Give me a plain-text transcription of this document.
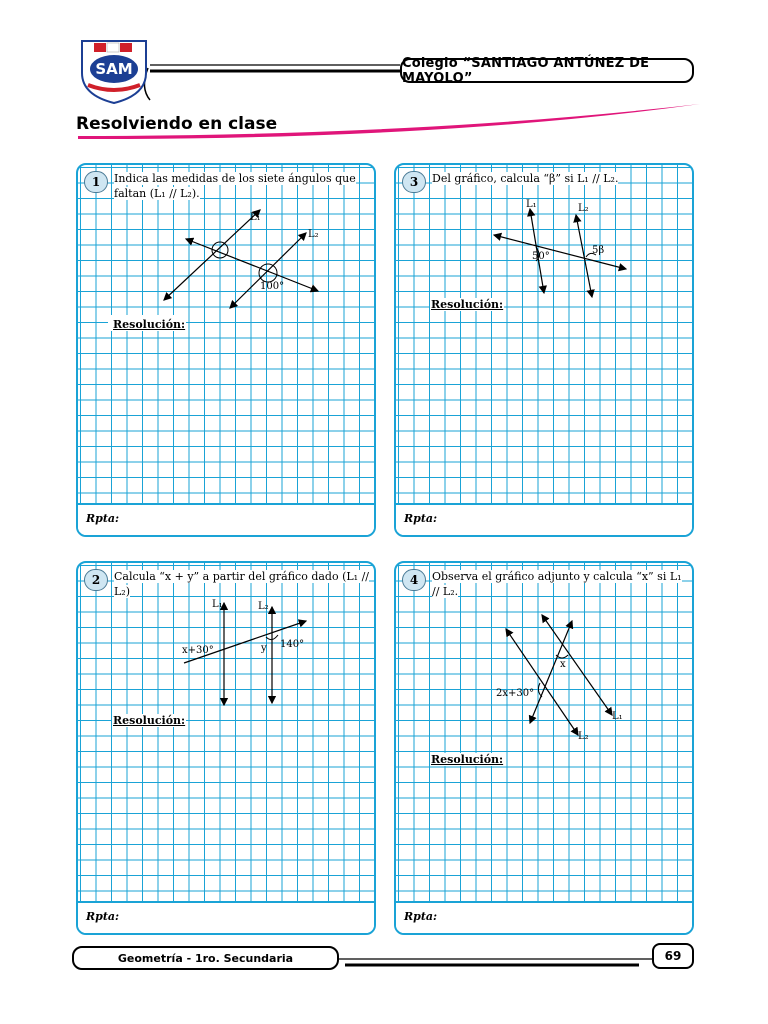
SAM	Colegio “SANTIAGO ANTÚNEZ DE MAYOLO”
Resolviendo en clase
L₁
L₂
100°
1	Indica las medidas de los siete ángulos que faltan (L₁ // L₂).
Resolución:
Rpta:
L₁	L₂
50°
5β
3	Del gráfico, calcula “β” si L₁ // L₂.
Resolución:
Rpta:
L₁	L₂
x+30°	y 140°
2	Calcula “x + y” a partir del gráfico dado (L₁ // L₂)
Resolución:
Rpta:
x
2x+30°
L₁
L₂
4	Observa el gráfico adjunto y calcula “x” si L₁ // L₂.
Resolución:
Rpta:
Geometría - 1ro. Secundaria	69
